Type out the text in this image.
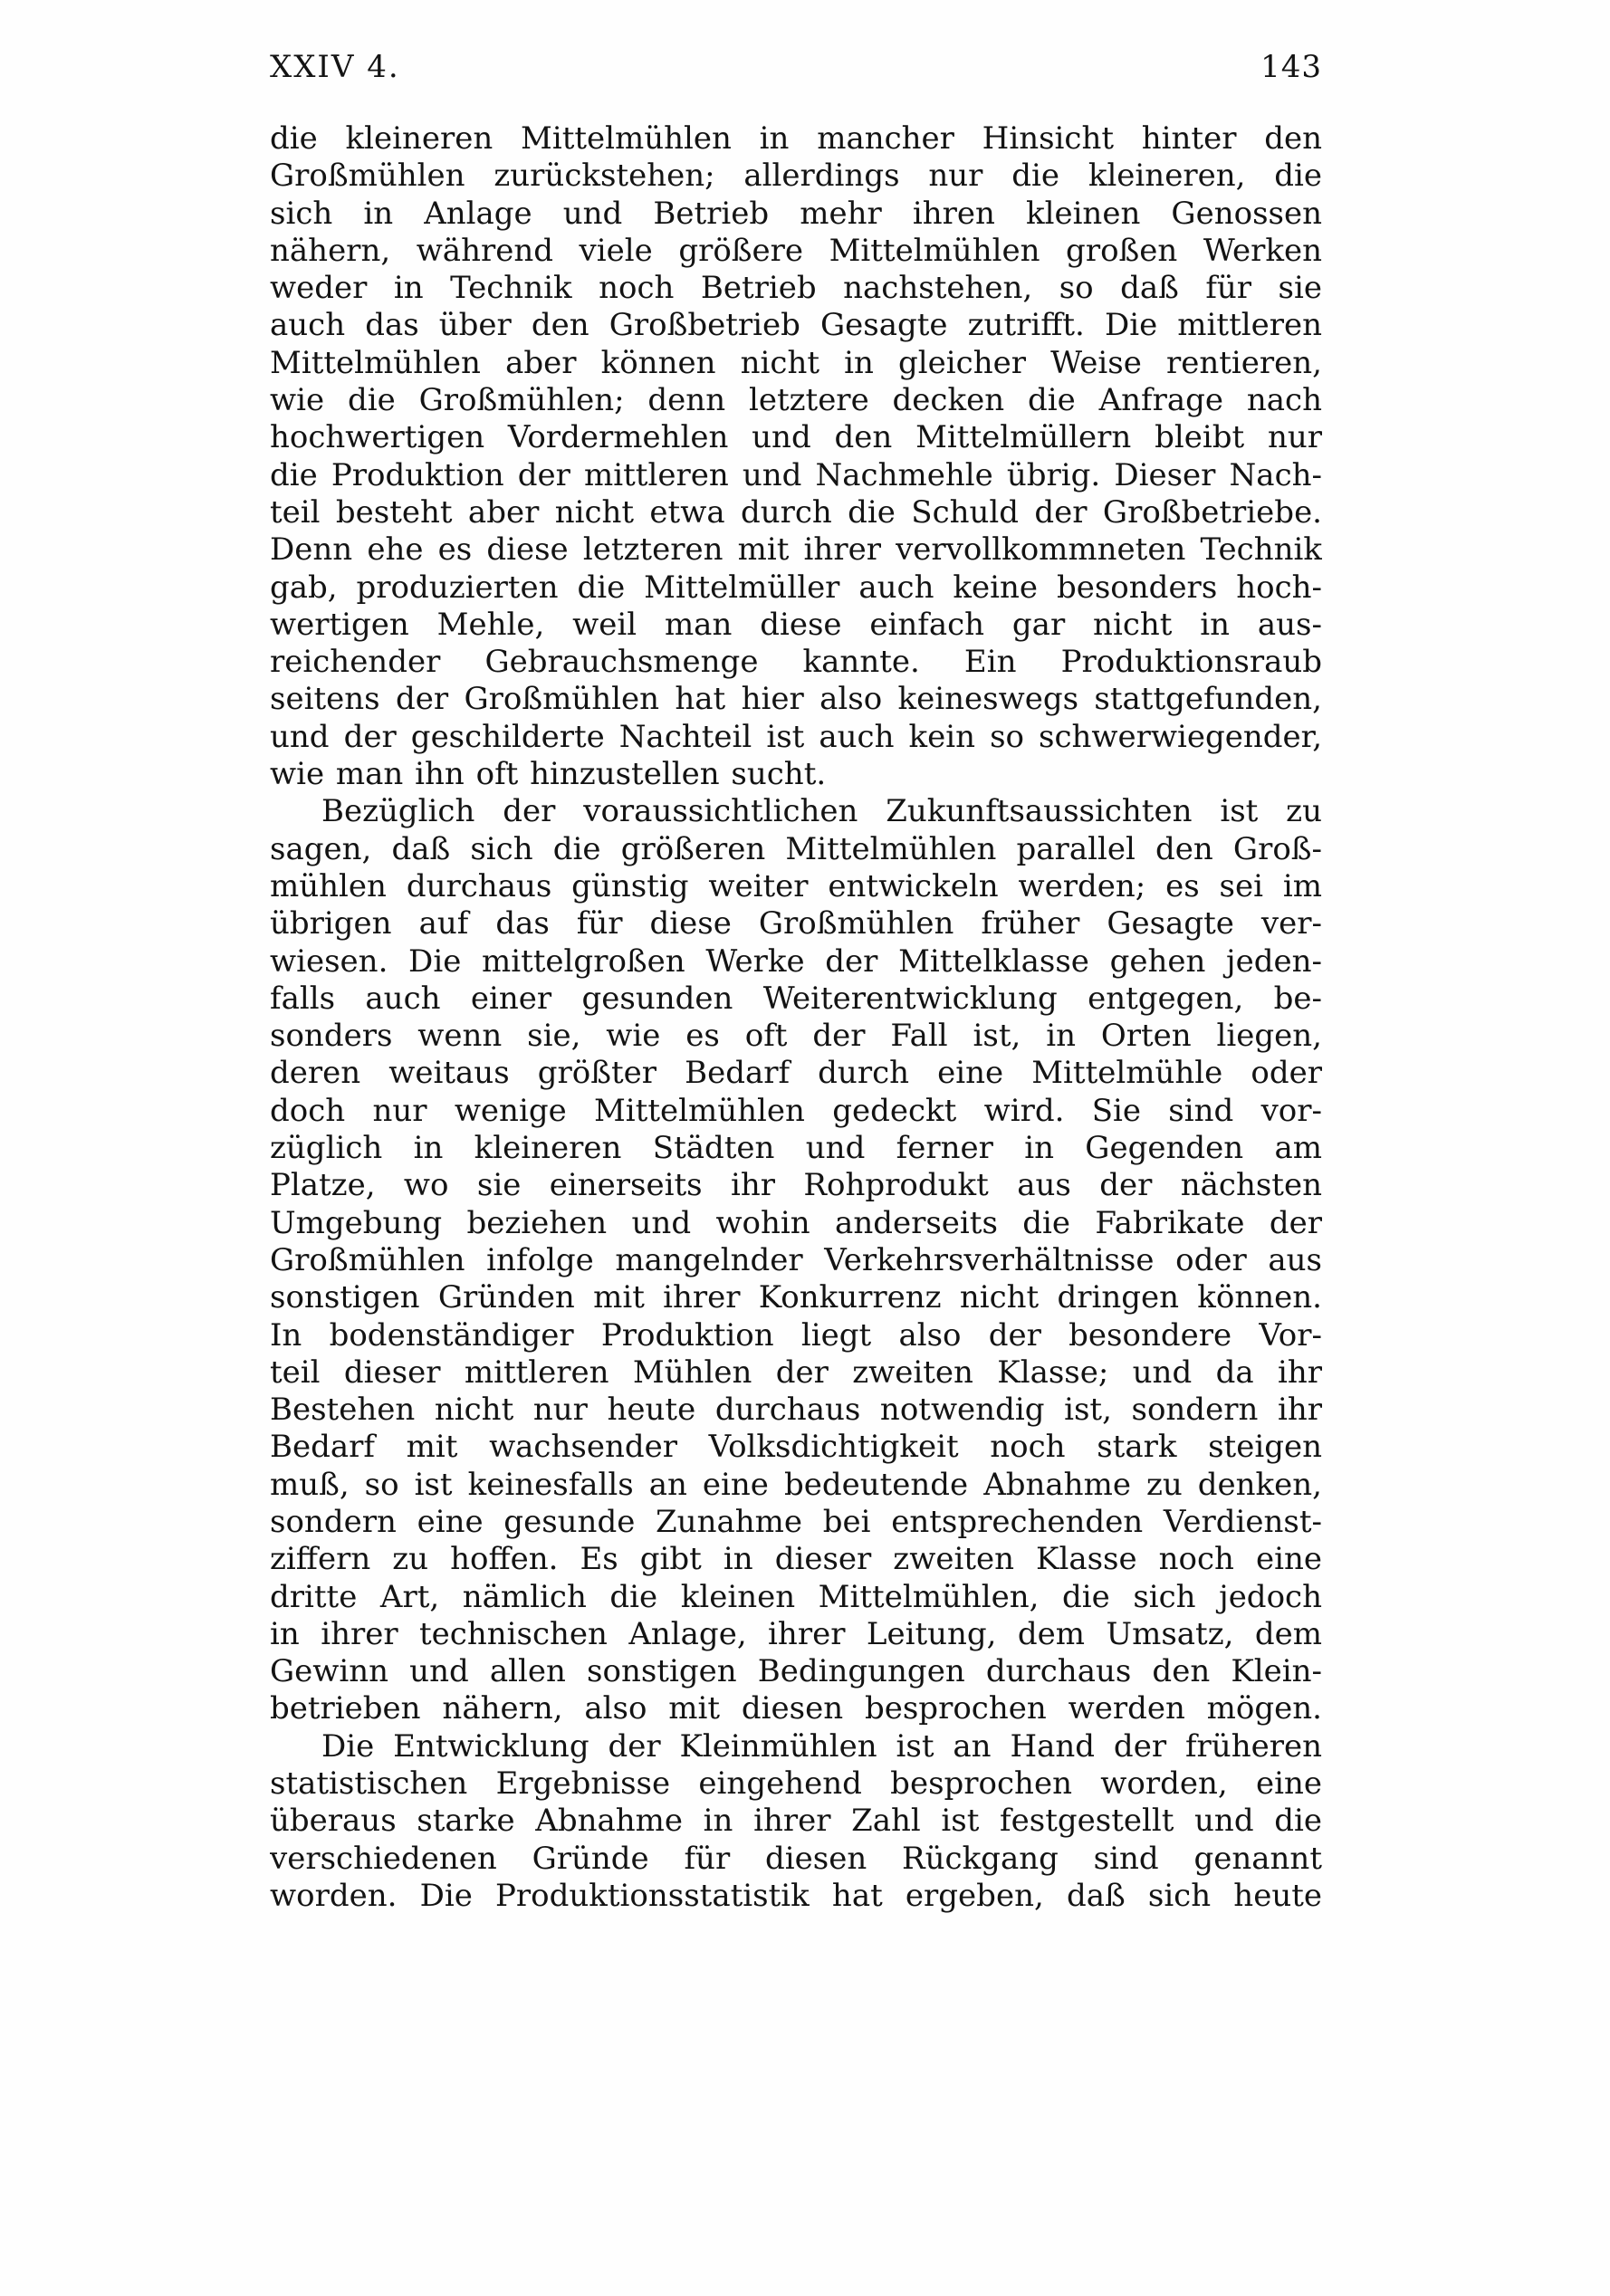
XXIV 4.	143
die kleineren Mittelmühlen in mancher Hinsicht hinter den
Großmühlen zurückstehen; allerdings nur die kleineren, die
sich in Anlage und Betrieb mehr ihren kleinen Genossen
nähern, während viele größere Mittelmühlen großen Werken
weder in Technik noch Betrieb nachstehen, so daß für sie
auch das über den Großbetrieb Gesagte zutrifft. Die mittleren
Mittelmühlen aber können nicht in gleicher Weise rentieren,
wie die Großmühlen; denn letztere decken die Anfrage nach
hochwertigen Vordermehlen und den Mittelmüllern bleibt nur
die Produktion der mittleren und Nachmehle übrig. Dieser Nach-
teil besteht aber nicht etwa durch die Schuld der Großbetriebe.
Denn ehe es diese letzteren mit ihrer vervollkommneten Technik
gab, produzierten die Mittelmüller auch keine besonders hoch-
wertigen Mehle, weil man diese einfach gar nicht in aus-
reichender Gebrauchsmenge kannte. Ein Produktionsraub
seitens der Großmühlen hat hier also keineswegs stattgefunden,
und der geschilderte Nachteil ist auch kein so schwerwiegender,
wie man ihn oft hinzustellen sucht.
Bezüglich der voraussichtlichen Zukunftsaussichten ist zu
sagen, daß sich die größeren Mittelmühlen parallel den Groß-
mühlen durchaus günstig weiter entwickeln werden; es sei im
übrigen auf das für diese Großmühlen früher Gesagte ver-
wiesen. Die mittelgroßen Werke der Mittelklasse gehen jeden-
falls auch einer gesunden Weiterentwicklung entgegen, be-
sonders wenn sie, wie es oft der Fall ist, in Orten liegen,
deren weitaus größter Bedarf durch eine Mittelmühle oder
doch nur wenige Mittelmühlen gedeckt wird. Sie sind vor-
züglich in kleineren Städten und ferner in Gegenden am
Platze, wo sie einerseits ihr Rohprodukt aus der nächsten
Umgebung beziehen und wohin anderseits die Fabrikate der
Großmühlen infolge mangelnder Verkehrsverhältnisse oder aus
sonstigen Gründen mit ihrer Konkurrenz nicht dringen können.
In bodenständiger Produktion liegt also der besondere Vor-
teil dieser mittleren Mühlen der zweiten Klasse; und da ihr
Bestehen nicht nur heute durchaus notwendig ist, sondern ihr
Bedarf mit wachsender Volksdichtigkeit noch stark steigen
muß, so ist keinesfalls an eine bedeutende Abnahme zu denken,
sondern eine gesunde Zunahme bei entsprechenden Verdienst-
ziffern zu hoffen. Es gibt in dieser zweiten Klasse noch eine
dritte Art, nämlich die kleinen Mittelmühlen, die sich jedoch
in ihrer technischen Anlage, ihrer Leitung, dem Umsatz, dem
Gewinn und allen sonstigen Bedingungen durchaus den Klein-
betrieben nähern, also mit diesen besprochen werden mögen.
Die Entwicklung der Kleinmühlen ist an Hand der früheren
statistischen Ergebnisse eingehend besprochen worden, eine
überaus starke Abnahme in ihrer Zahl ist festgestellt und die
verschiedenen Gründe für diesen Rückgang sind genannt
worden. Die Produktionsstatistik hat ergeben, daß sich heute
